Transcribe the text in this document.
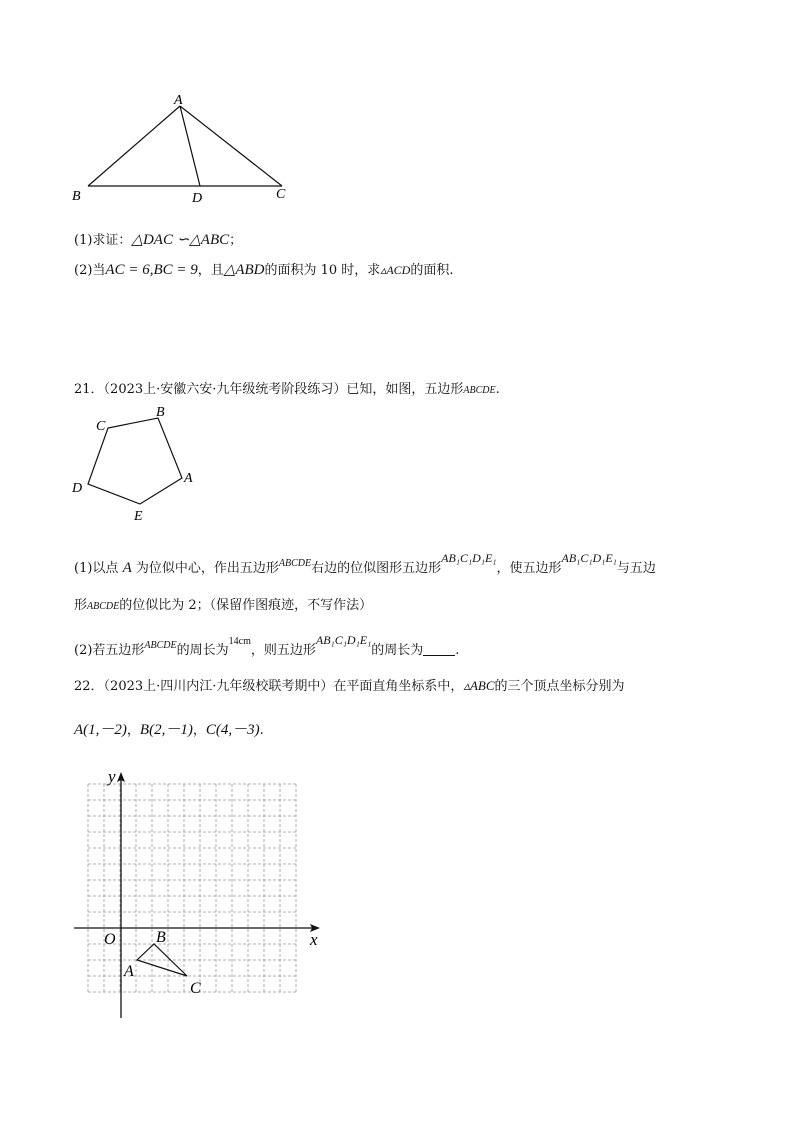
A
B	C
D
(1)求证：△DAC ∽△ABC；
(2)当AC = 6,BC = 9，且△ABD的面积为 10 时，求▵ACD的面积.
21．（2023上·安徽六安·九年级统考阶段练习）已知，如图，五边形ABCDE.
A
B
C
D
E
(1)以点 A 为位似中心，作出五边形$^{ABCDE}$右边的位似图形五边形AB₁C₁D₁E₁，使五边形AB₁C₁D₁E₁与五边
形ABCDE的位似比为 2；（保留作图痕迹，不写作法）
(2)若五边形$^{ABCDE}$的周长为$^{14cm}$，则五边形AB₁C₁D₁E₁的周长为 .
22．（2023上·四川内江·九年级校联考期中）在平面直角坐标系中，▵ABC的三个顶点坐标分别为
A(1,－2)，B(2,－1)，C(4,－3).
x
y
O
A
B
C
